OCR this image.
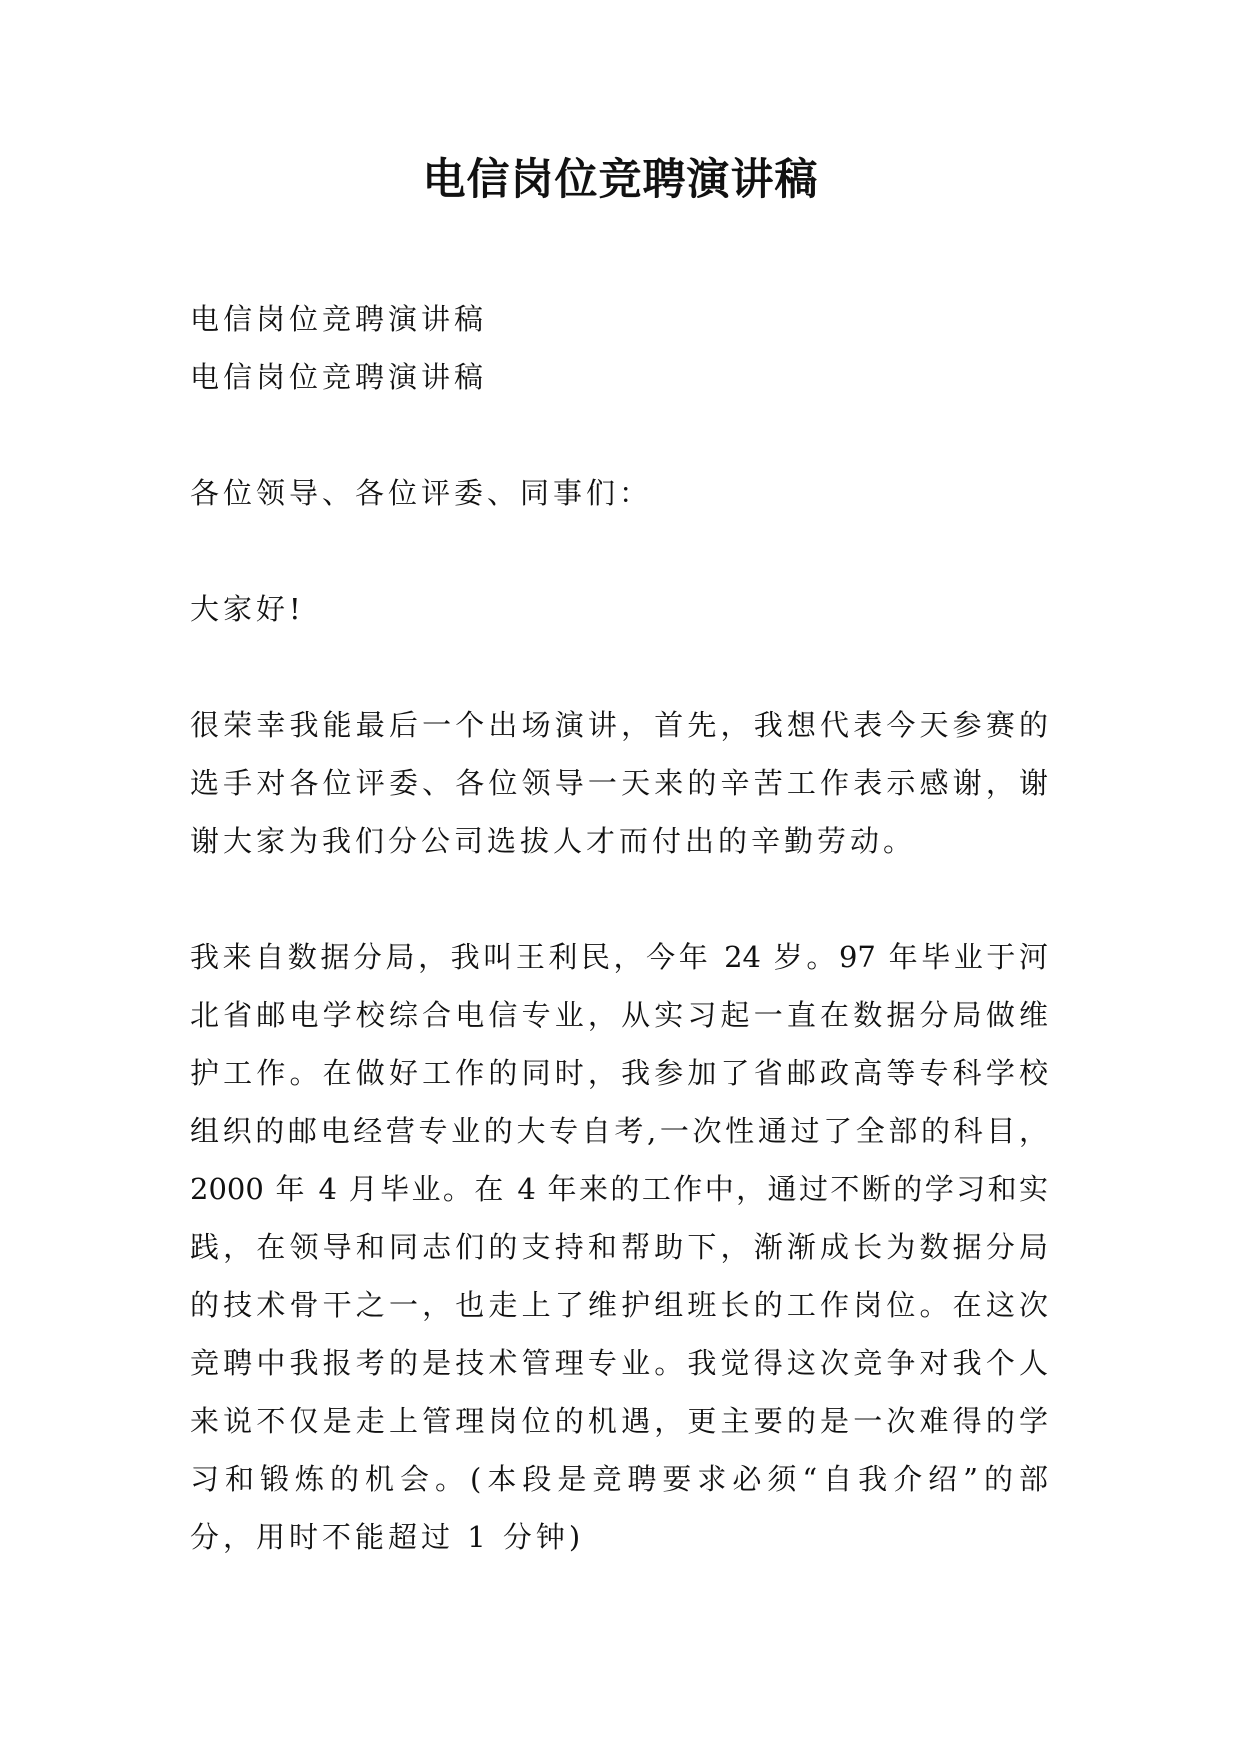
电信岗位竞聘演讲稿
电信岗位竞聘演讲稿
电信岗位竞聘演讲稿
各位领导、各位评委、同事们：
大家好!
很荣幸我能最后一个出场演讲，首先，我想代表今天参赛的
选手对各位评委、各位领导一天来的辛苦工作表示感谢，谢
谢大家为我们分公司选拔人才而付出的辛勤劳动。
我来自数据分局，我叫王利民，今年 24 岁。97 年毕业于河
北省邮电学校综合电信专业，从实习起一直在数据分局做维
护工作。在做好工作的同时，我参加了省邮政高等专科学校
组织的邮电经营专业的大专自考,一次性通过了全部的科目，
2000 年 4 月毕业。在 4 年来的工作中，通过不断的学习和实
践，在领导和同志们的支持和帮助下，渐渐成长为数据分局
的技术骨干之一，也走上了维护组班长的工作岗位。在这次
竞聘中我报考的是技术管理专业。我觉得这次竞争对我个人
来说不仅是走上管理岗位的机遇，更主要的是一次难得的学
习和锻炼的机会。(本段是竞聘要求必须“自我介绍”的部
分，用时不能超过 1 分钟)
